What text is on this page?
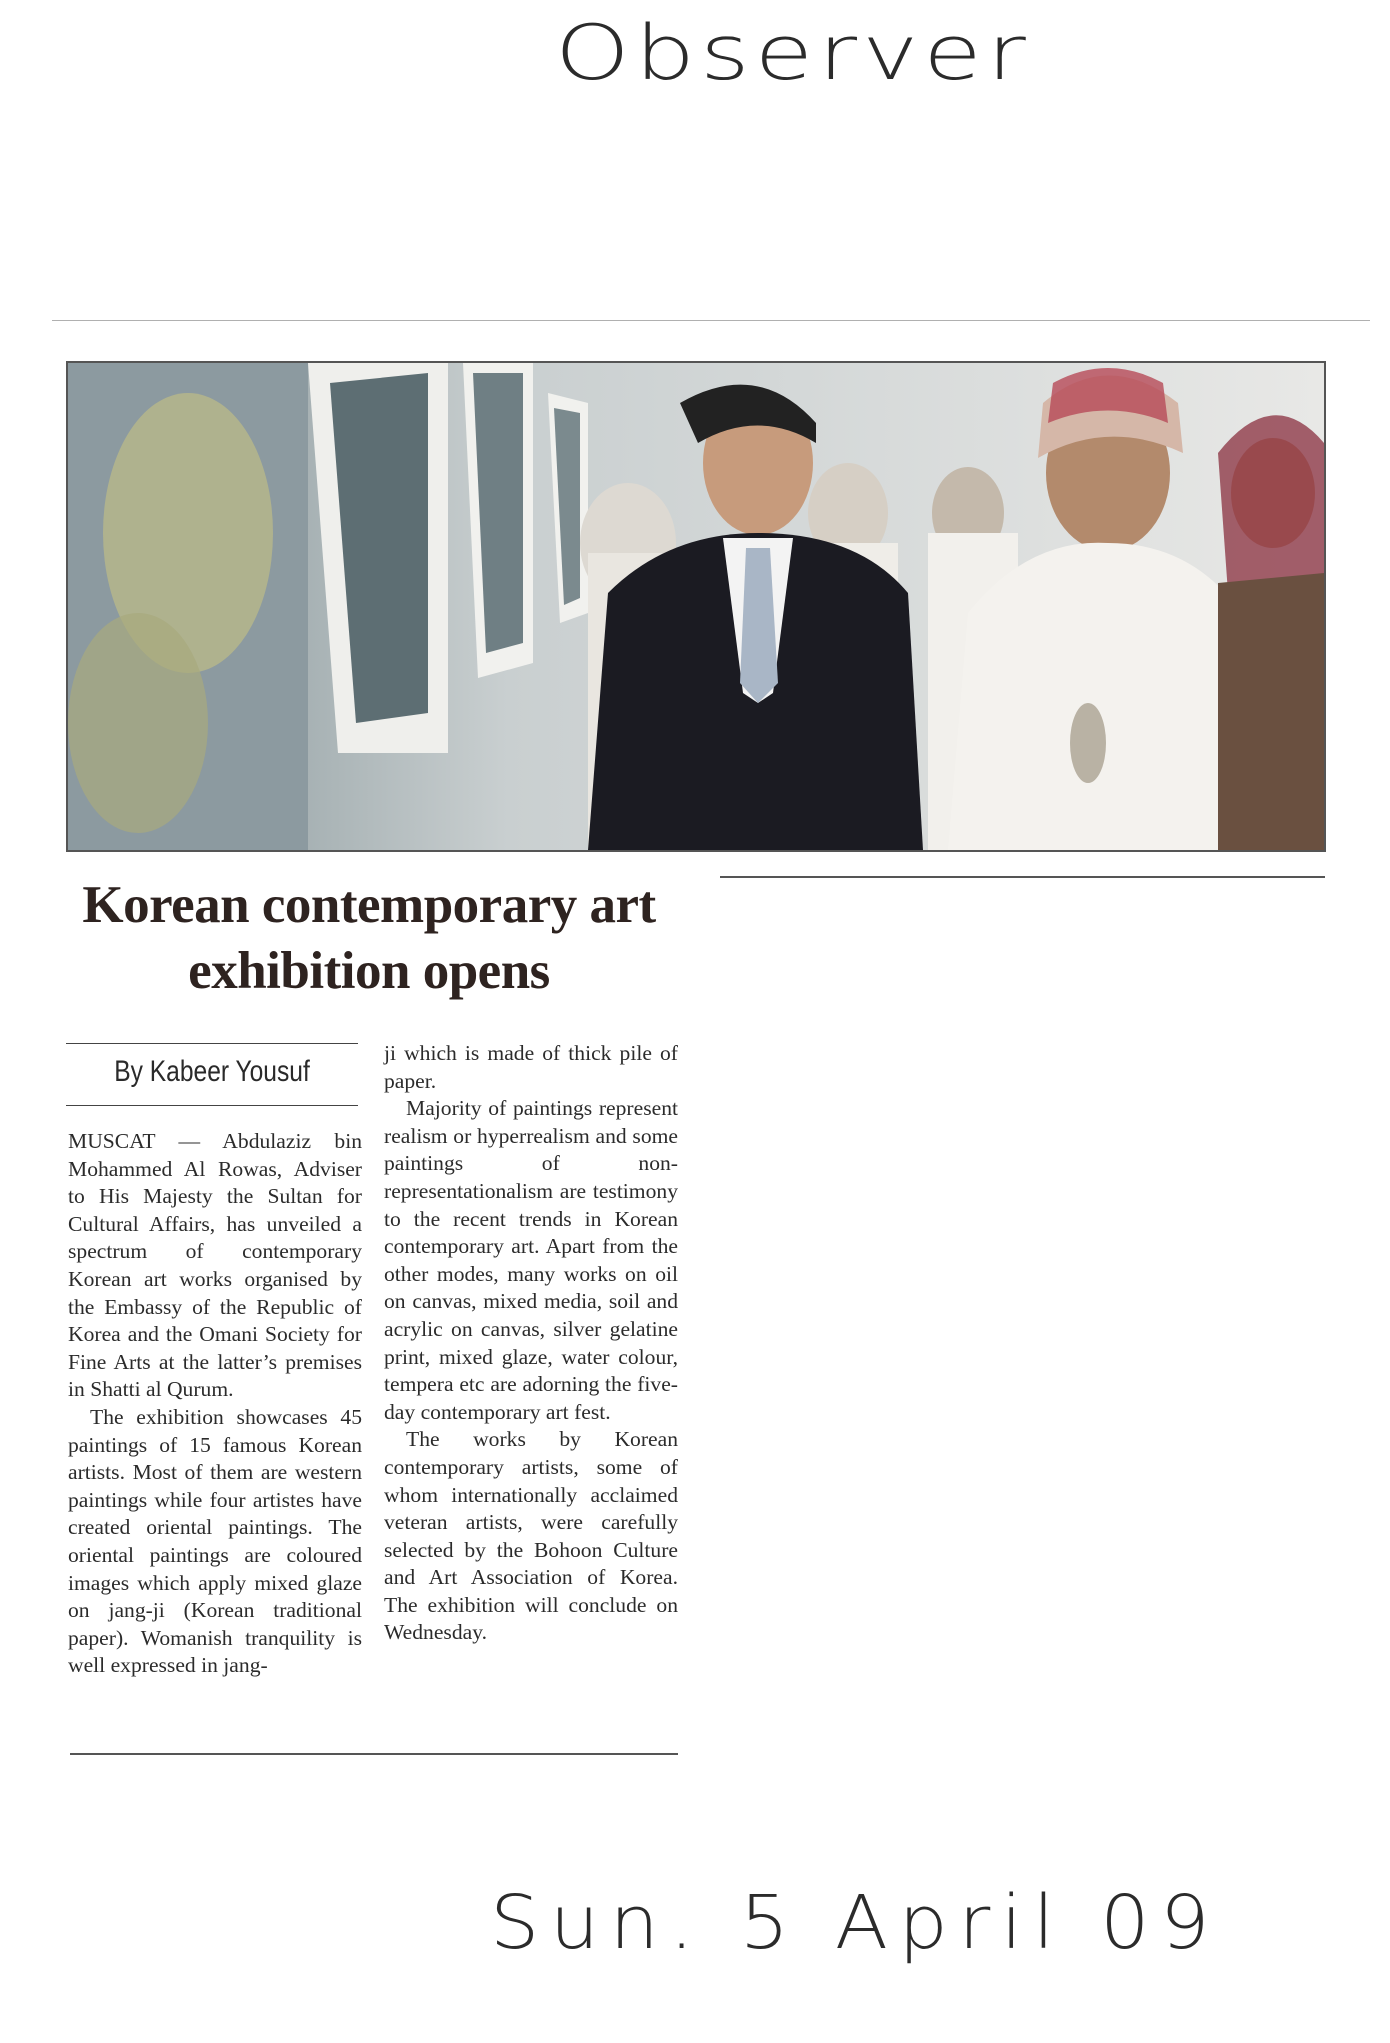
Observer
Korean contemporary art exhibition opens
By Kabeer Yousuf

MUSCAT — Abdulaziz bin Mohammed Al Rowas, Adviser to His Majesty the Sultan for Cultural Affairs, has unveiled a spectrum of contemporary Korean art works organised by the Embassy of the Republic of Korea and the Omani Society for Fine Arts at the latter’s premises in Shatti al Qurum.

The exhibition showcases 45 paintings of 15 famous Korean artists. Most of them are western paintings while four artistes have created oriental paintings. The oriental paintings are coloured images which apply mixed glaze on jang-ji (Korean traditional paper). Womanish tranquility is well expressed in jang-

ji which is made of thick pile of paper.

Majority of paintings represent realism or hyperrealism and some paintings of non-representationalism are testimony to the recent trends in Korean contemporary art. Apart from the other modes, many works on oil on canvas, mixed media, soil and acrylic on canvas, silver gelatine print, mixed glaze, water colour, tempera etc are adorning the five-day contemporary art fest.

The works by Korean contemporary artists, some of whom internationally acclaimed veteran artists, were carefully selected by the Bohoon Culture and Art Association of Korea. The exhibition will conclude on Wednesday.

Sun. 5 April 09
